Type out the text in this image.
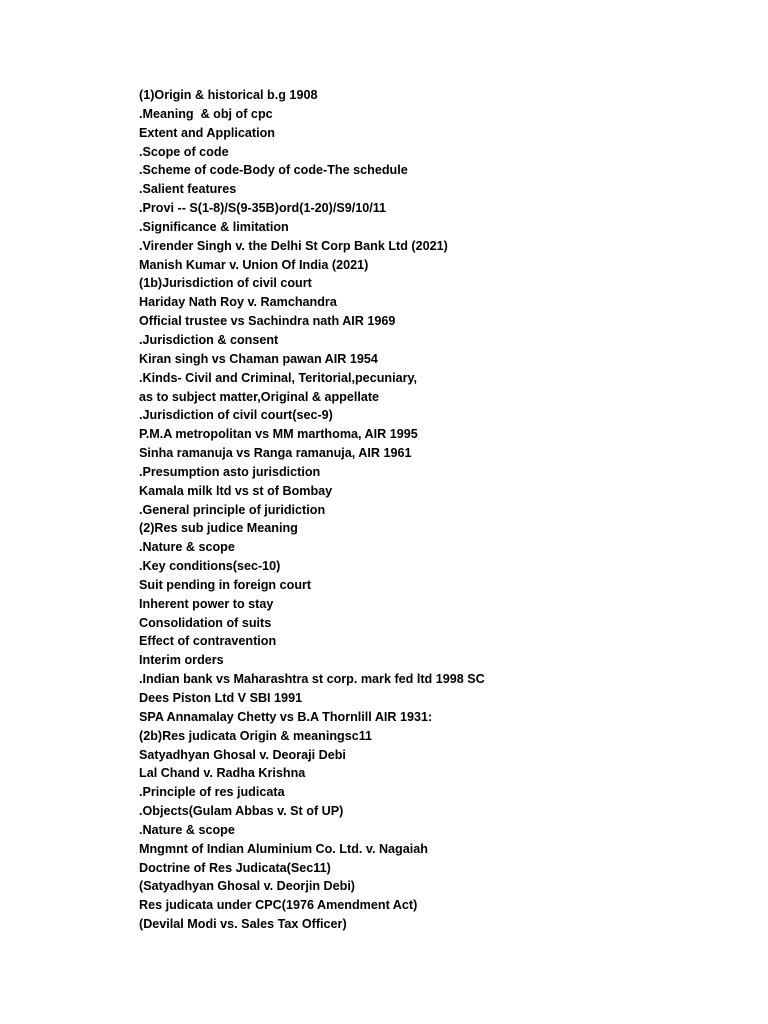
(1)Origin & historical b.g 1908
.Meaning  & obj of cpc
Extent and Application
.Scope of code
.Scheme of code-Body of code-The schedule
.Salient features
.Provi -- S(1-8)/S(9-35B)ord(1-20)/S9/10/11
.Significance & limitation
.Virender Singh v. the Delhi St Corp Bank Ltd (2021)
Manish Kumar v. Union Of India (2021)
(1b)Jurisdiction of civil court
Hariday Nath Roy v. Ramchandra
Official trustee vs Sachindra nath AIR 1969
.Jurisdiction & consent
Kiran singh vs Chaman pawan AIR 1954
.Kinds- Civil and Criminal, Teritorial,pecuniary,
as to subject matter,Original & appellate
.Jurisdiction of civil court(sec-9)
P.M.A metropolitan vs MM marthoma, AIR 1995
Sinha ramanuja vs Ranga ramanuja, AIR 1961
.Presumption asto jurisdiction
Kamala milk ltd vs st of Bombay
.General principle of juridiction
(2)Res sub judice Meaning
.Nature & scope
.Key conditions(sec-10)
Suit pending in foreign court
Inherent power to stay
Consolidation of suits
Effect of contravention
Interim orders
.Indian bank vs Maharashtra st corp. mark fed ltd 1998 SC
Dees Piston Ltd V SBI 1991
SPA Annamalay Chetty vs B.A Thornlill AIR 1931:
(2b)Res judicata Origin & meaningsc11
Satyadhyan Ghosal v. Deoraji Debi
Lal Chand v. Radha Krishna
.Principle of res judicata
.Objects(Gulam Abbas v. St of UP)
.Nature & scope
Mngmnt of Indian Aluminium Co. Ltd. v. Nagaiah
Doctrine of Res Judicata(Sec11)
(Satyadhyan Ghosal v. Deorjin Debi)
Res judicata under CPC(1976 Amendment Act)
(Devilal Modi vs. Sales Tax Officer)
